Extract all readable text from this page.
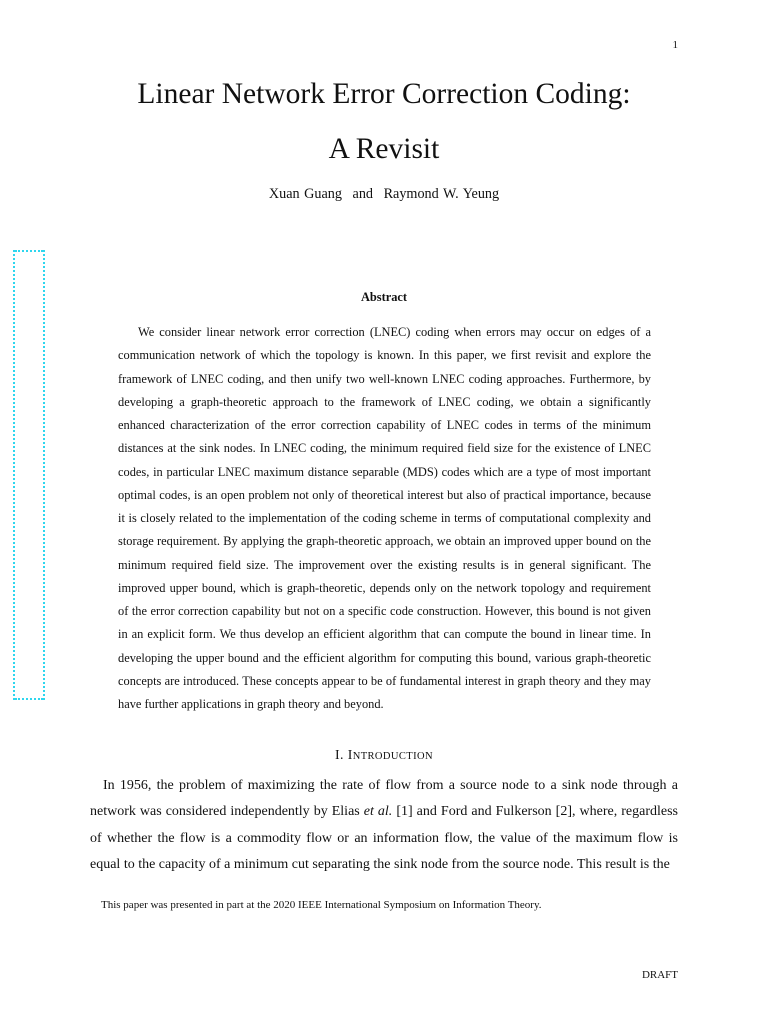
1
Linear Network Error Correction Coding:
A Revisit
Xuan Guang and Raymond W. Yeung
Abstract
We consider linear network error correction (LNEC) coding when errors may occur on edges of a communication network of which the topology is known. In this paper, we first revisit and explore the framework of LNEC coding, and then unify two well-known LNEC coding approaches. Furthermore, by developing a graph-theoretic approach to the framework of LNEC coding, we obtain a significantly enhanced characterization of the error correction capability of LNEC codes in terms of the minimum distances at the sink nodes. In LNEC coding, the minimum required field size for the existence of LNEC codes, in particular LNEC maximum distance separable (MDS) codes which are a type of most important optimal codes, is an open problem not only of theoretical interest but also of practical importance, because it is closely related to the implementation of the coding scheme in terms of computational complexity and storage requirement. By applying the graph-theoretic approach, we obtain an improved upper bound on the minimum required field size. The improvement over the existing results is in general significant. The improved upper bound, which is graph-theoretic, depends only on the network topology and requirement of the error correction capability but not on a specific code construction. However, this bound is not given in an explicit form. We thus develop an efficient algorithm that can compute the bound in linear time. In developing the upper bound and the efficient algorithm for computing this bound, various graph-theoretic concepts are introduced. These concepts appear to be of fundamental interest in graph theory and they may have further applications in graph theory and beyond.
I. INTRODUCTION
In 1956, the problem of maximizing the rate of flow from a source node to a sink node through a network was considered independently by Elias et al. [1] and Ford and Fulkerson [2], where, regardless of whether the flow is a commodity flow or an information flow, the value of the maximum flow is equal to the capacity of a minimum cut separating the sink node from the source node. This result is the
This paper was presented in part at the 2020 IEEE International Symposium on Information Theory.
DRAFT
